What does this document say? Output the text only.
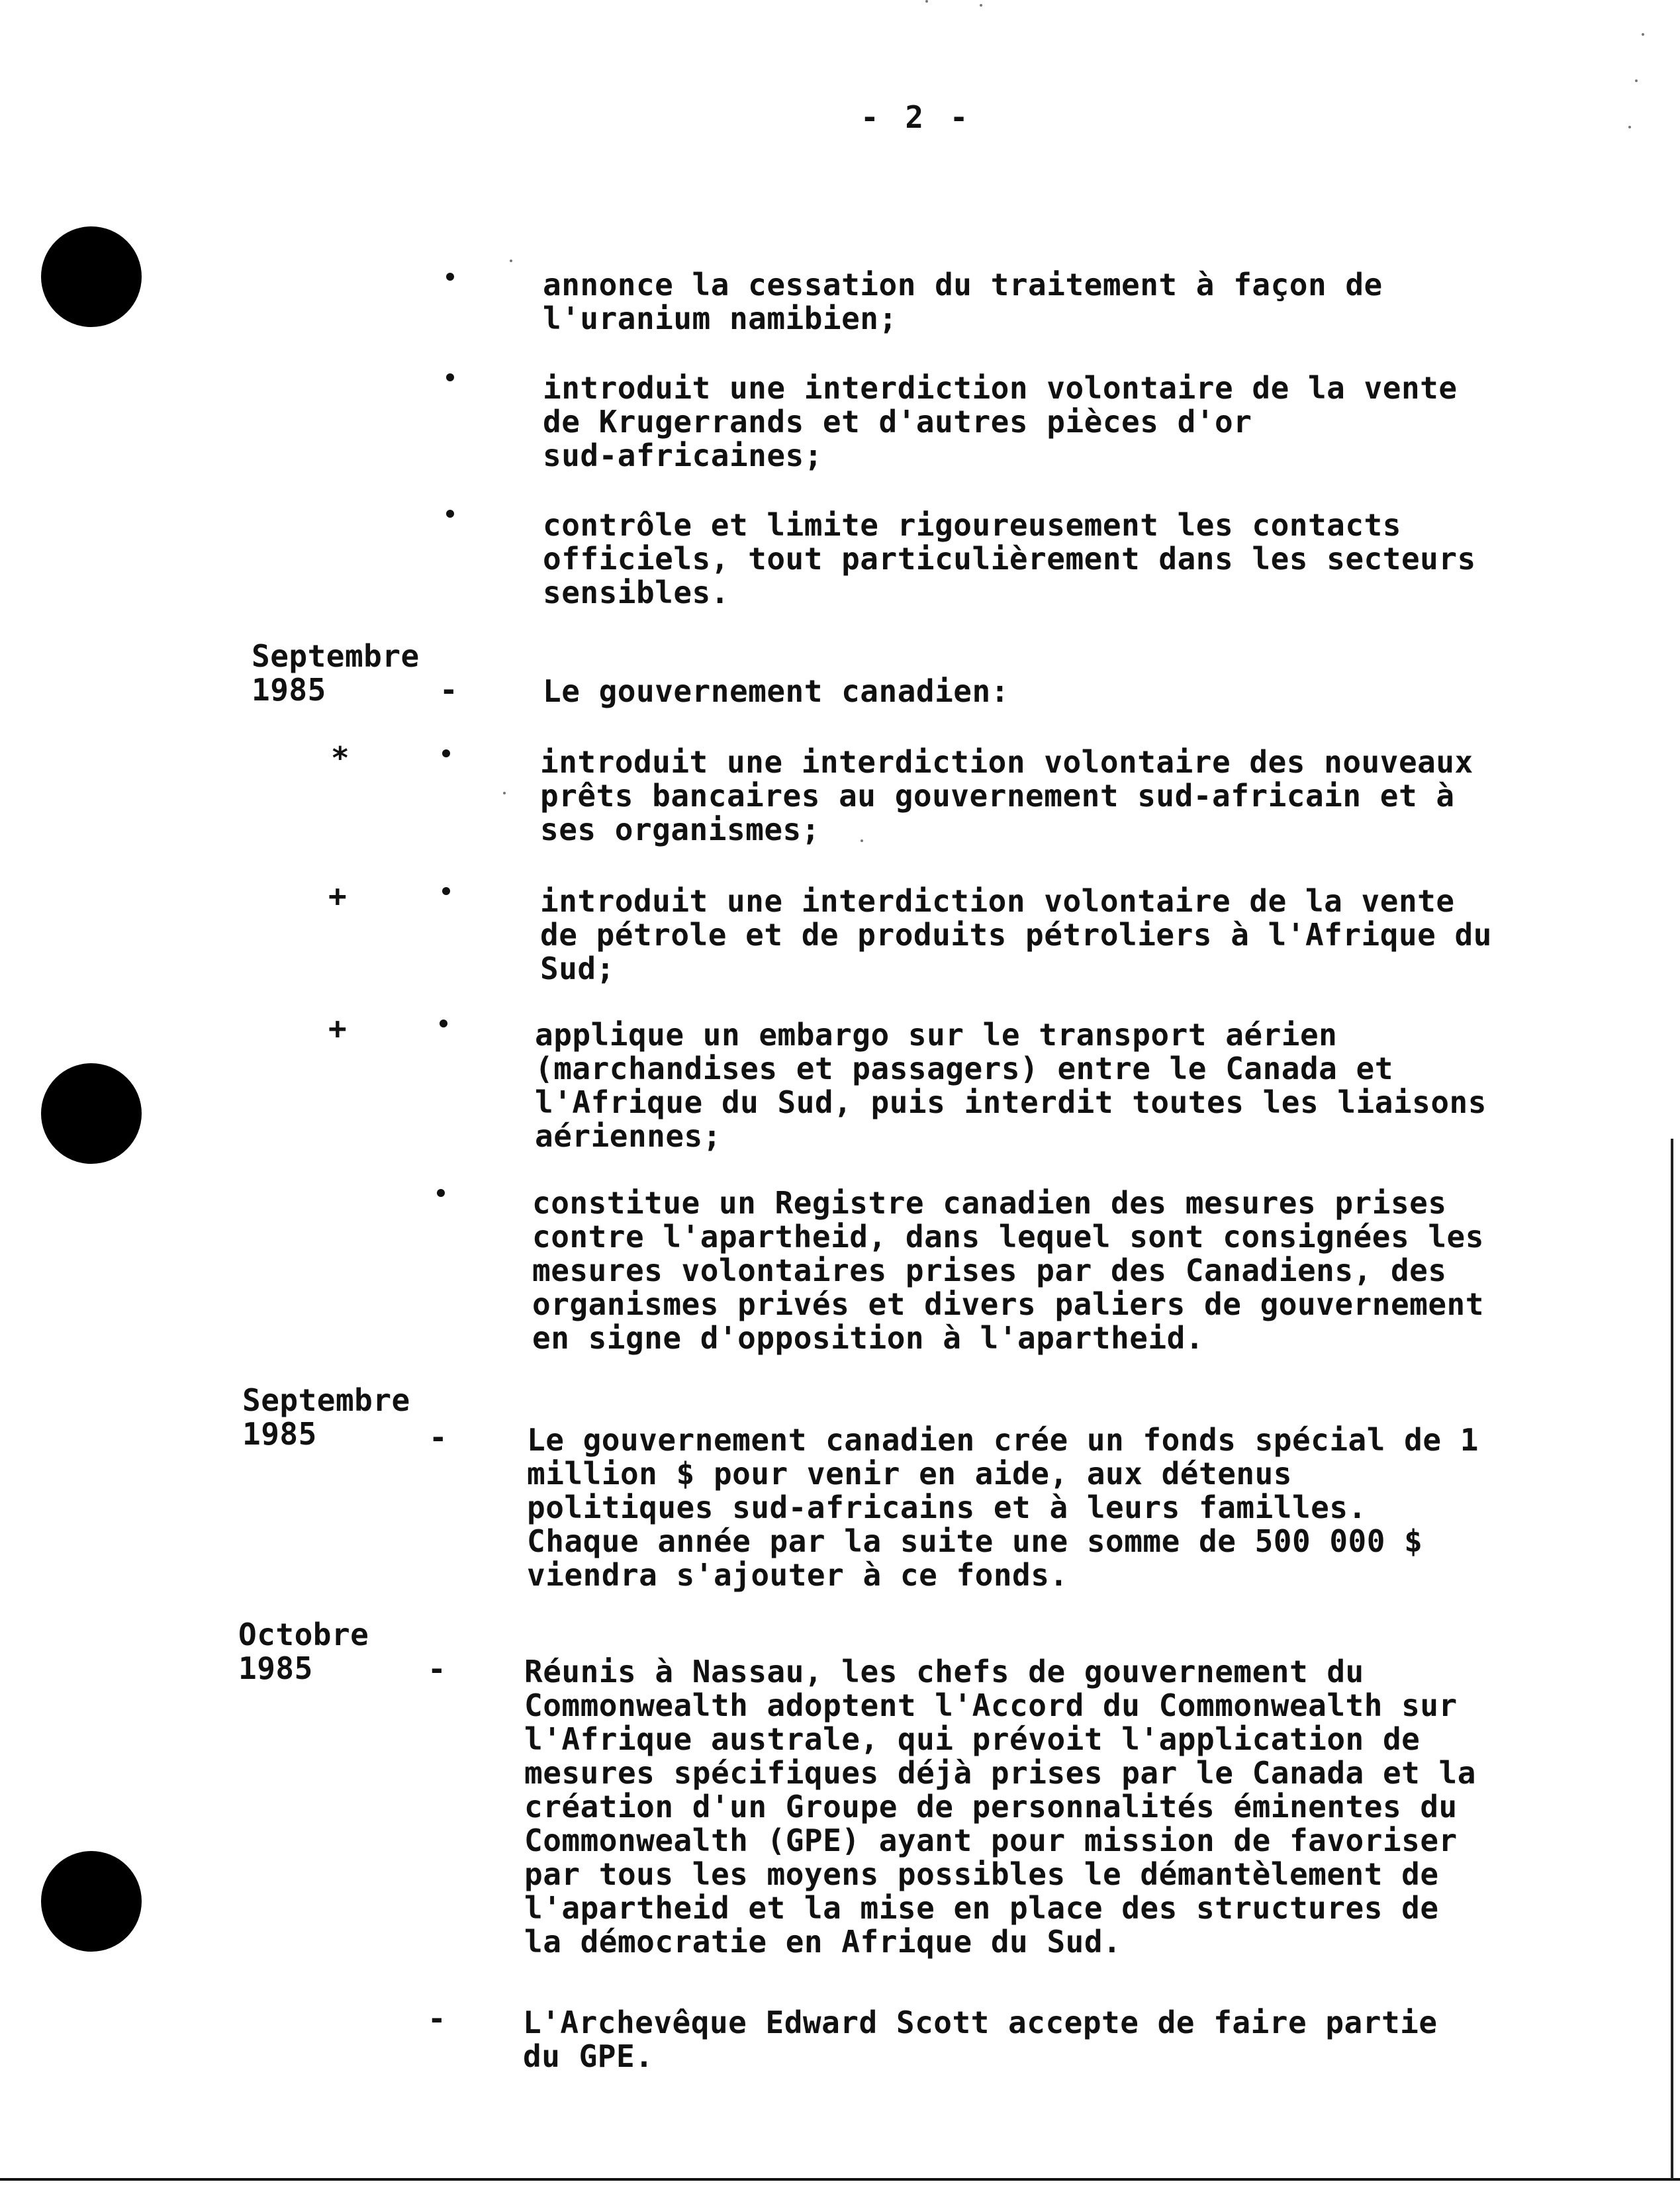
- 2 -
annonce la cessation du traitement à façon de
l'uranium namibien;
introduit une interdiction volontaire de la vente
de Krugerrands et d'autres pièces d'or
sud-africaines;
contrôle et limite rigoureusement les contacts
officiels, tout particulièrement dans les secteurs
sensibles.
Septembre
1985	-	Le gouvernement canadien:
*	introduit une interdiction volontaire des nouveaux
prêts bancaires au gouvernement sud-africain et à
ses organismes;
+	introduit une interdiction volontaire de la vente
de pétrole et de produits pétroliers à l'Afrique du
Sud;
+	applique un embargo sur le transport aérien
(marchandises et passagers) entre le Canada et
l'Afrique du Sud, puis interdit toutes les liaisons
aériennes;
constitue un Registre canadien des mesures prises
contre l'apartheid, dans lequel sont consignées les
mesures volontaires prises par des Canadiens, des
organismes privés et divers paliers de gouvernement
en signe d'opposition à l'apartheid.
Septembre
1985	-	Le gouvernement canadien crée un fonds spécial de 1
million $ pour venir en aide, aux détenus
politiques sud-africains et à leurs familles.
Chaque année par la suite une somme de 500 000 $
viendra s'ajouter à ce fonds.
Octobre
1985	-	Réunis à Nassau, les chefs de gouvernement du
Commonwealth adoptent l'Accord du Commonwealth sur
l'Afrique australe, qui prévoit l'application de
mesures spécifiques déjà prises par le Canada et la
création d'un Groupe de personnalités éminentes du
Commonwealth (GPE) ayant pour mission de favoriser
par tous les moyens possibles le démantèlement de
l'apartheid et la mise en place des structures de
la démocratie en Afrique du Sud.
-	L'Archevêque Edward Scott accepte de faire partie
du GPE.
